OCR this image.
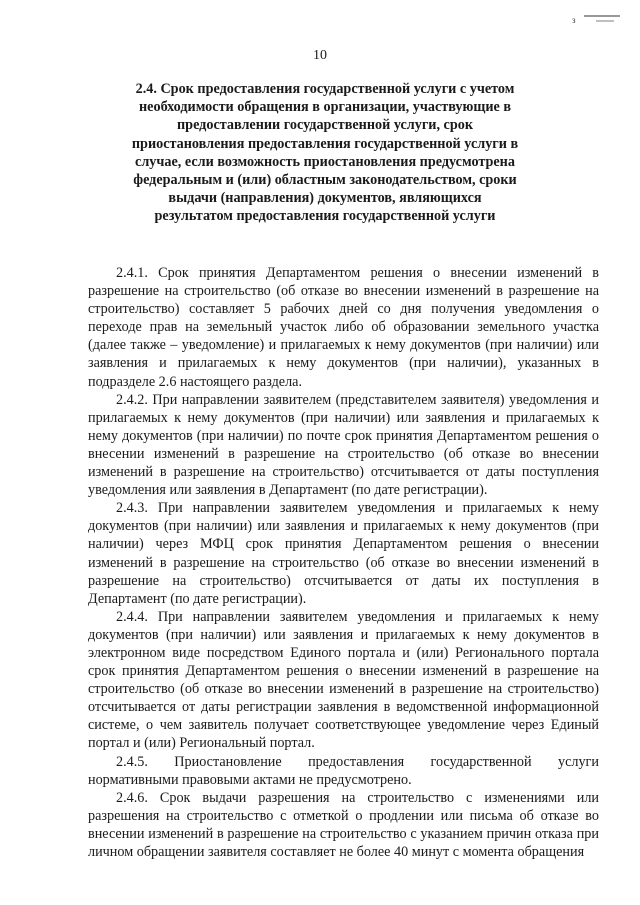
з
10
2.4. Срок предоставления государственной услуги с учетом необходимости обращения в организации, участвующие в предоставлении государственной услуги, срок приостановления предоставления государственной услуги в случае, если возможность приостановления предусмотрена федеральным и (или) областным законодательством, сроки выдачи (направления) документов, являющихся результатом предоставления государственной услуги

2.4.1. Срок принятия Департаментом решения о внесении изменений в разрешение на строительство (об отказе во внесении изменений в разрешение на строительство) составляет 5 рабочих дней со дня получения уведомления о переходе прав на земельный участок либо об образовании земельного участка (далее также – уведомление) и прилагаемых к нему документов (при наличии) или заявления и прилагаемых к нему документов (при наличии), указанных в подразделе 2.6 настоящего раздела.

2.4.2. При направлении заявителем (представителем заявителя) уведомления и прилагаемых к нему документов (при наличии) или заявления и прилагаемых к нему документов (при наличии) по почте срок принятия Департаментом решения о внесении изменений в разрешение на строительство (об отказе во внесении изменений в разрешение на строительство) отсчитывается от даты поступления уведомления или заявления в Департамент (по дате регистрации).

2.4.3. При направлении заявителем уведомления и прилагаемых к нему документов (при наличии) или заявления и прилагаемых к нему документов (при наличии) через МФЦ срок принятия Департаментом решения о внесении изменений в разрешение на строительство (об отказе во внесении изменений в разрешение на строительство) отсчитывается от даты их поступления в Департамент (по дате регистрации).

2.4.4. При направлении заявителем уведомления и прилагаемых к нему документов (при наличии) или заявления и прилагаемых к нему документов в электронном виде посредством Единого портала и (или) Регионального портала срок принятия Департаментом решения о внесении изменений в разрешение на строительство (об отказе во внесении изменений в разрешение на строительство) отсчитывается от даты регистрации заявления в ведомственной информационной системе, о чем заявитель получает соответствующее уведомление через Единый портал и (или) Региональный портал.

2.4.5. Приостановление предоставления государственной услуги
нормативными правовыми актами не предусмотрено.

2.4.6. Срок выдачи разрешения на строительство с изменениями или разрешения на строительство с отметкой о продлении или письма об отказе во внесении изменений в разрешение на строительство с указанием причин отказа при личном обращении заявителя составляет не более 40 минут с момента обращения
